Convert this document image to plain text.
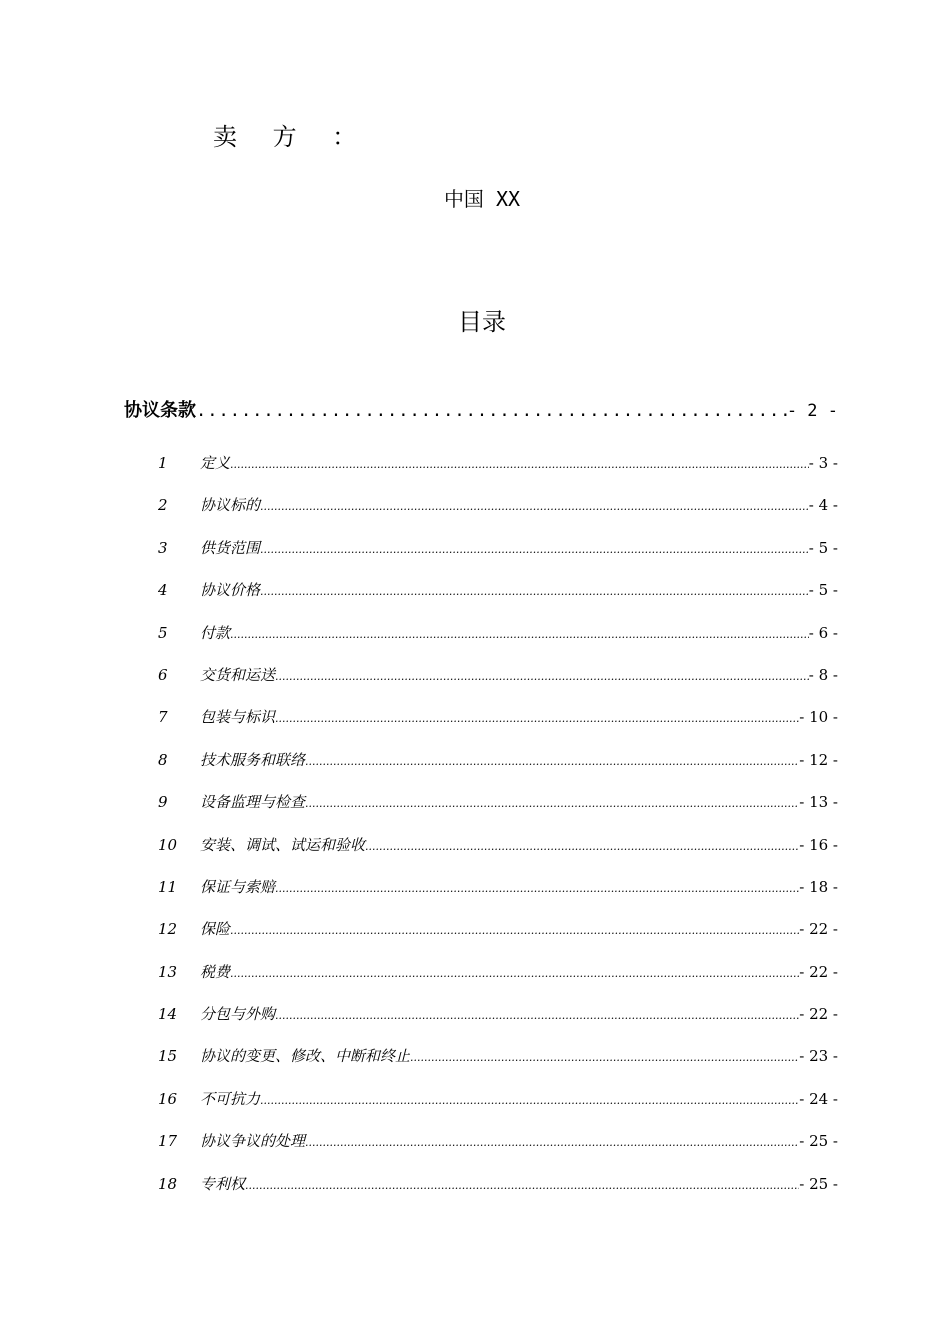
卖 方 ：
中国 XX
目录
协议条款 .....	- 2 -
1	定义 .....	- 3 -
2	协议标的 .....	- 4 -
3	供货范围 .....	- 5 -
4	协议价格 .....	- 5 -
5	付款 .....	- 6 -
6	交货和运送 .....	- 8 -
7	包装与标识 .....	- 10 -
8	技术服务和联络 .....	- 12 -
9	设备监理与检查 .....	- 13 -
10	安装、调试、试运和验收 .....	- 16 -
11	保证与索赔 .....	- 18 -
12	保险 .....	- 22 -
13	税费 .....	- 22 -
14	分包与外购 .....	- 22 -
15	协议的变更、修改、中断和终止 .....	- 23 -
16	不可抗力 .....	- 24 -
17	协议争议的处理 .....	- 25 -
18	专利权 .....	- 25 -
